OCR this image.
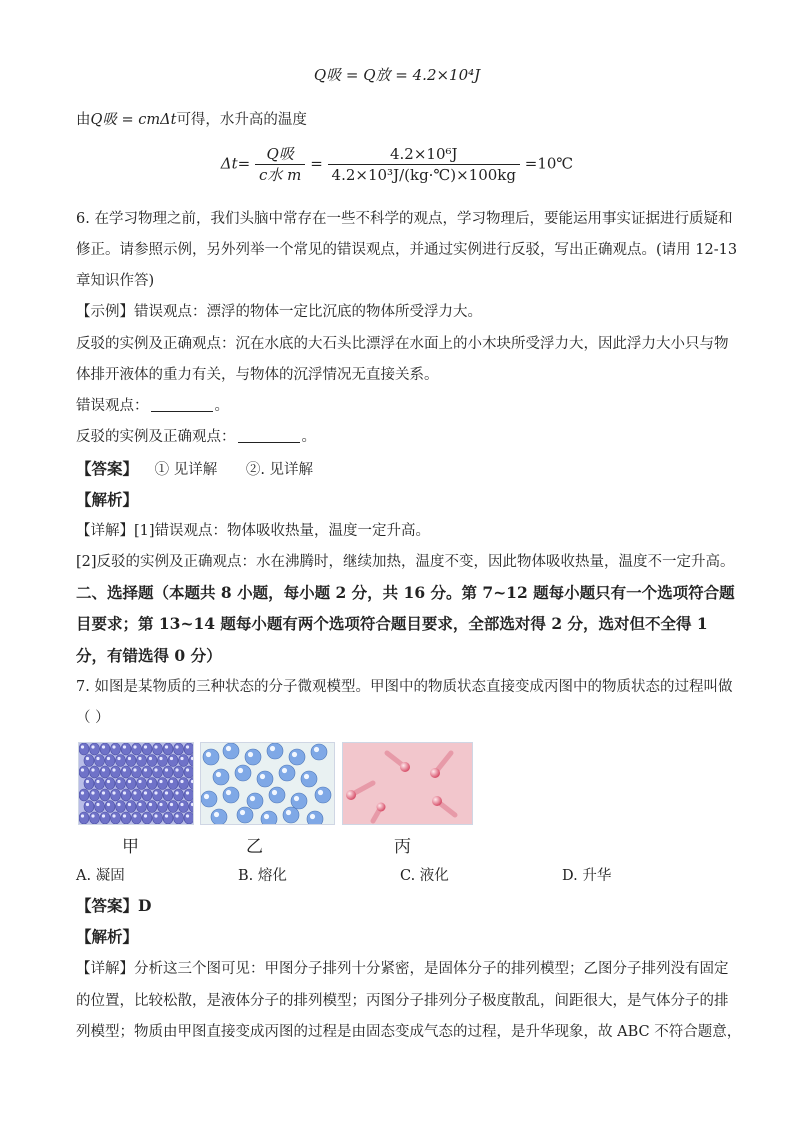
Q吸 = Q放 = 4.2×10⁴J
由Q吸 = cmΔt可得，水升高的温度
$\Delta t= \frac{\text{Q吸}}{\text{c水 m}} = \frac{\text{4.2×10⁶J}}{\text{4.2×10³J/(kg·℃)×100kg}}$ =10℃
6. 在学习物理之前，我们头脑中常存在一些不科学的观点，学习物理后，要能运用事实证据进行质疑和
修正。请参照示例，另外列举一个常见的错误观点，并通过实例进行反驳，写出正确观点。(请用 12-13
章知识作答)
【示例】错误观点：漂浮的物体一定比沉底的物体所受浮力大。
反驳的实例及正确观点：沉在水底的大石头比漂浮在水面上的小木块所受浮力大，因此浮力大小只与物
体排开液体的重力有关，与物体的沉浮情况无直接关系。
错误观点：	。
反驳的实例及正确观点：	。
【答案】 ① 见详解 ②. 见详解
【解析】
【详解】[1]错误观点：物体吸收热量，温度一定升高。
[2]反驳的实例及正确观点：水在沸腾时，继续加热，温度不变，因此物体吸收热量，温度不一定升高。
二、选择题（本题共 8 小题，每小题 2 分，共 16 分。第 7~12 题每小题只有一个选项符合题
目要求；第 13~14 题每小题有两个选项符合题目要求，全部选对得 2 分，选对但不全得 1
分，有错选得 0 分）
7. 如图是某物质的三种状态的分子微观模型。甲图中的物质状态直接变成丙图中的物质状态的过程叫做
（ ）
甲	乙	丙
A. 凝固	B. 熔化	C. 液化	D. 升华
【答案】D
【解析】
【详解】分析这三个图可见：甲图分子排列十分紧密，是固体分子的排列模型；乙图分子排列没有固定
的位置，比较松散，是液体分子的排列模型；丙图分子排列分子极度散乱，间距很大，是气体分子的排
列模型；物质由甲图直接变成丙图的过程是由固态变成气态的过程，是升华现象，故 ABC 不符合题意，
